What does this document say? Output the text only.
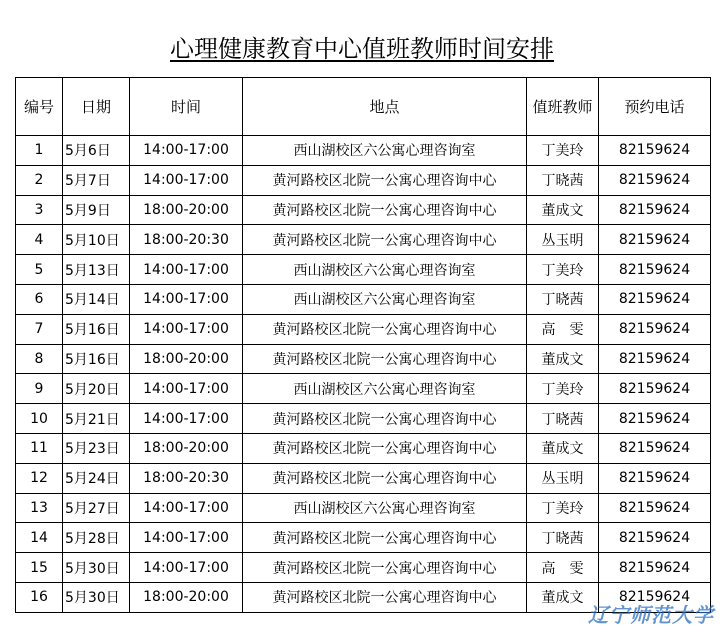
心理健康教育中心值班教师时间安排
编号	日期	时间	地点	值班教师	预约电话
1	5月6日	14:00-17:00	西山湖校区六公寓心理咨询室	丁美玲	82159624
2	5月7日	14:00-17:00	黄河路校区北院一公寓心理咨询中心	丁晓茜	82159624
3	5月9日	18:00-20:00	黄河路校区北院一公寓心理咨询中心	董成文	82159624
4	5月10日	18:00-20:30	黄河路校区北院一公寓心理咨询中心	丛玉明	82159624
5	5月13日	14:00-17:00	西山湖校区六公寓心理咨询室	丁美玲	82159624
6	5月14日	14:00-17:00	西山湖校区六公寓心理咨询室	丁晓茜	82159624
7	5月16日	14:00-17:00	黄河路校区北院一公寓心理咨询中心	高　雯	82159624
8	5月16日	18:00-20:00	黄河路校区北院一公寓心理咨询中心	董成文	82159624
9	5月20日	14:00-17:00	西山湖校区六公寓心理咨询室	丁美玲	82159624
10	5月21日	14:00-17:00	黄河路校区北院一公寓心理咨询中心	丁晓茜	82159624
11	5月23日	18:00-20:00	黄河路校区北院一公寓心理咨询中心	董成文	82159624
12	5月24日	18:00-20:30	黄河路校区北院一公寓心理咨询中心	丛玉明	82159624
13	5月27日	14:00-17:00	西山湖校区六公寓心理咨询室	丁美玲	82159624
14	5月28日	14:00-17:00	黄河路校区北院一公寓心理咨询中心	丁晓茜	82159624
15	5月30日	14:00-17:00	黄河路校区北院一公寓心理咨询中心	高　雯	82159624
16	5月30日	18:00-20:00	黄河路校区北院一公寓心理咨询中心	董成文	82159624
辽宁师范大学
